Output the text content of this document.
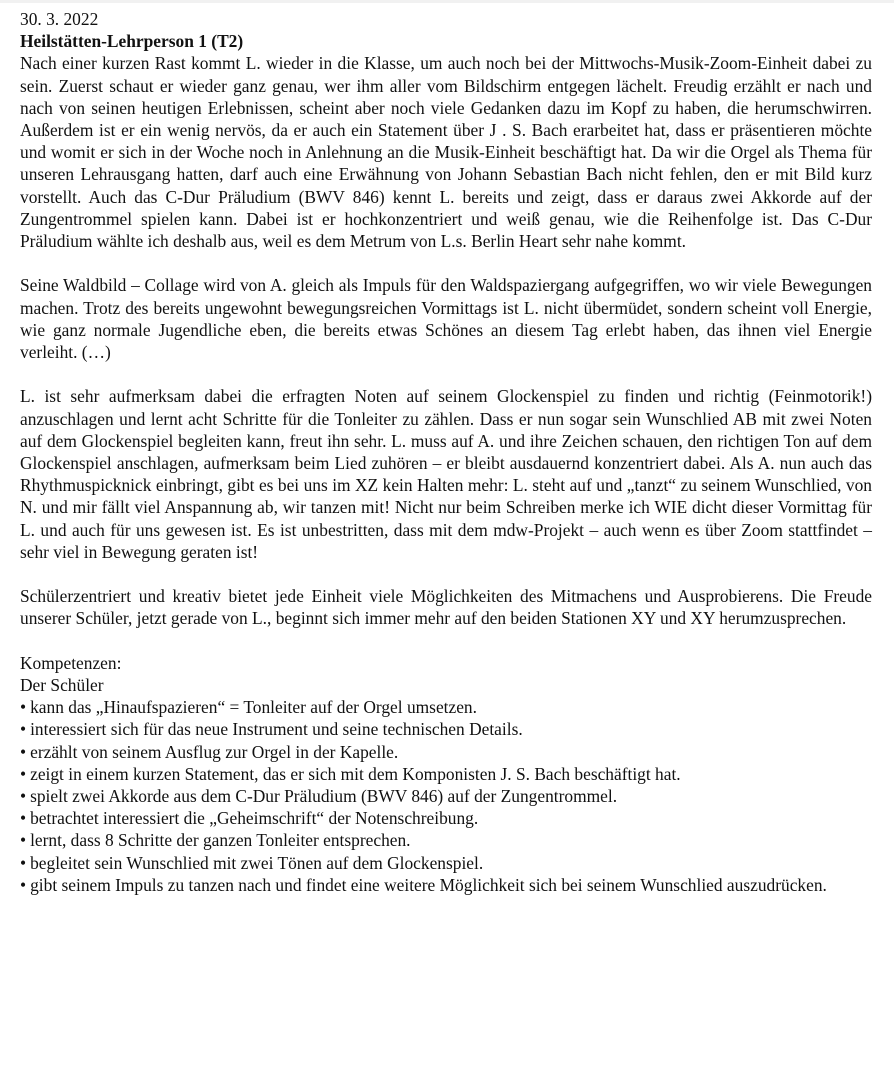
30. 3. 2022
Heilstätten-Lehrperson 1 (T2)

Nach einer kurzen Rast kommt L. wieder in die Klasse, um auch noch bei der Mittwochs-Musik-Zoom-Einheit dabei zu sein. Zuerst schaut er wieder ganz genau, wer ihm aller vom Bildschirm entgegen lächelt. Freudig erzählt er nach und nach von seinen heutigen Erlebnissen, scheint aber noch viele Gedanken dazu im Kopf zu haben, die herumschwirren. Außerdem ist er ein wenig nervös, da er auch ein Statement über J . S. Bach erarbeitet hat, dass er präsentieren möchte und womit er sich in der Woche noch in Anlehnung an die Musik-Einheit beschäftigt hat. Da wir die Orgel als Thema für unseren Lehrausgang hatten, darf auch eine Erwähnung von Johann Sebastian Bach nicht fehlen, den er mit Bild kurz vorstellt. Auch das C-Dur Präludium (BWV 846) kennt L. bereits und zeigt, dass er daraus zwei Akkorde auf der Zungentrommel spielen kann. Dabei ist er hochkonzentriert und weiß genau, wie die Reihenfolge ist. Das C-Dur Präludium wählte ich deshalb aus, weil es dem Metrum von L.s. Berlin Heart sehr nahe kommt.

Seine Waldbild – Collage wird von A. gleich als Impuls für den Waldspaziergang aufgegriffen, wo wir viele Bewegungen machen. Trotz des bereits ungewohnt bewegungsreichen Vormittags ist L. nicht übermüdet, sondern scheint voll Energie, wie ganz normale Jugendliche eben, die bereits etwas Schönes an diesem Tag erlebt haben, das ihnen viel Energie verleiht. (…)

L. ist sehr aufmerksam dabei die erfragten Noten auf seinem Glockenspiel zu finden und richtig (Feinmotorik!) anzuschlagen und lernt acht Schritte für die Tonleiter zu zählen. Dass er nun sogar sein Wunschlied AB mit zwei Noten auf dem Glockenspiel begleiten kann, freut ihn sehr. L. muss auf A. und ihre Zeichen schauen, den richtigen Ton auf dem Glockenspiel anschlagen, aufmerksam beim Lied zuhören – er bleibt ausdauernd konzentriert dabei. Als A. nun auch das Rhythmuspicknick einbringt, gibt es bei uns im XZ kein Halten mehr: L. steht auf und „tanzt“ zu seinem Wunschlied, von N. und mir fällt viel Anspannung ab, wir tanzen mit! Nicht nur beim Schreiben merke ich WIE dicht dieser Vormittag für L. und auch für uns gewesen ist. Es ist unbestritten, dass mit dem mdw-Projekt – auch wenn es über Zoom stattfindet – sehr viel in Bewegung geraten ist!

Schülerzentriert und kreativ bietet jede Einheit viele Möglichkeiten des Mitmachens und Ausprobierens. Die Freude unserer Schüler, jetzt gerade von L., beginnt sich immer mehr auf den beiden Stationen XY und XY herumzusprechen.

Kompetenzen:
Der Schüler
• kann das „Hinaufspazieren“ = Tonleiter auf der Orgel umsetzen.
• interessiert sich für das neue Instrument und seine technischen Details.
• erzählt von seinem Ausflug zur Orgel in der Kapelle.
• zeigt in einem kurzen Statement, das er sich mit dem Komponisten J. S. Bach beschäftigt hat.
• spielt zwei Akkorde aus dem C-Dur Präludium (BWV 846) auf der Zungentrommel.
• betrachtet interessiert die „Geheimschrift“ der Notenschreibung.
• lernt, dass 8 Schritte der ganzen Tonleiter entsprechen.
• begleitet sein Wunschlied mit zwei Tönen auf dem Glockenspiel.
• gibt seinem Impuls zu tanzen nach und findet eine weitere Möglichkeit sich bei seinem Wunschlied auszudrücken.
